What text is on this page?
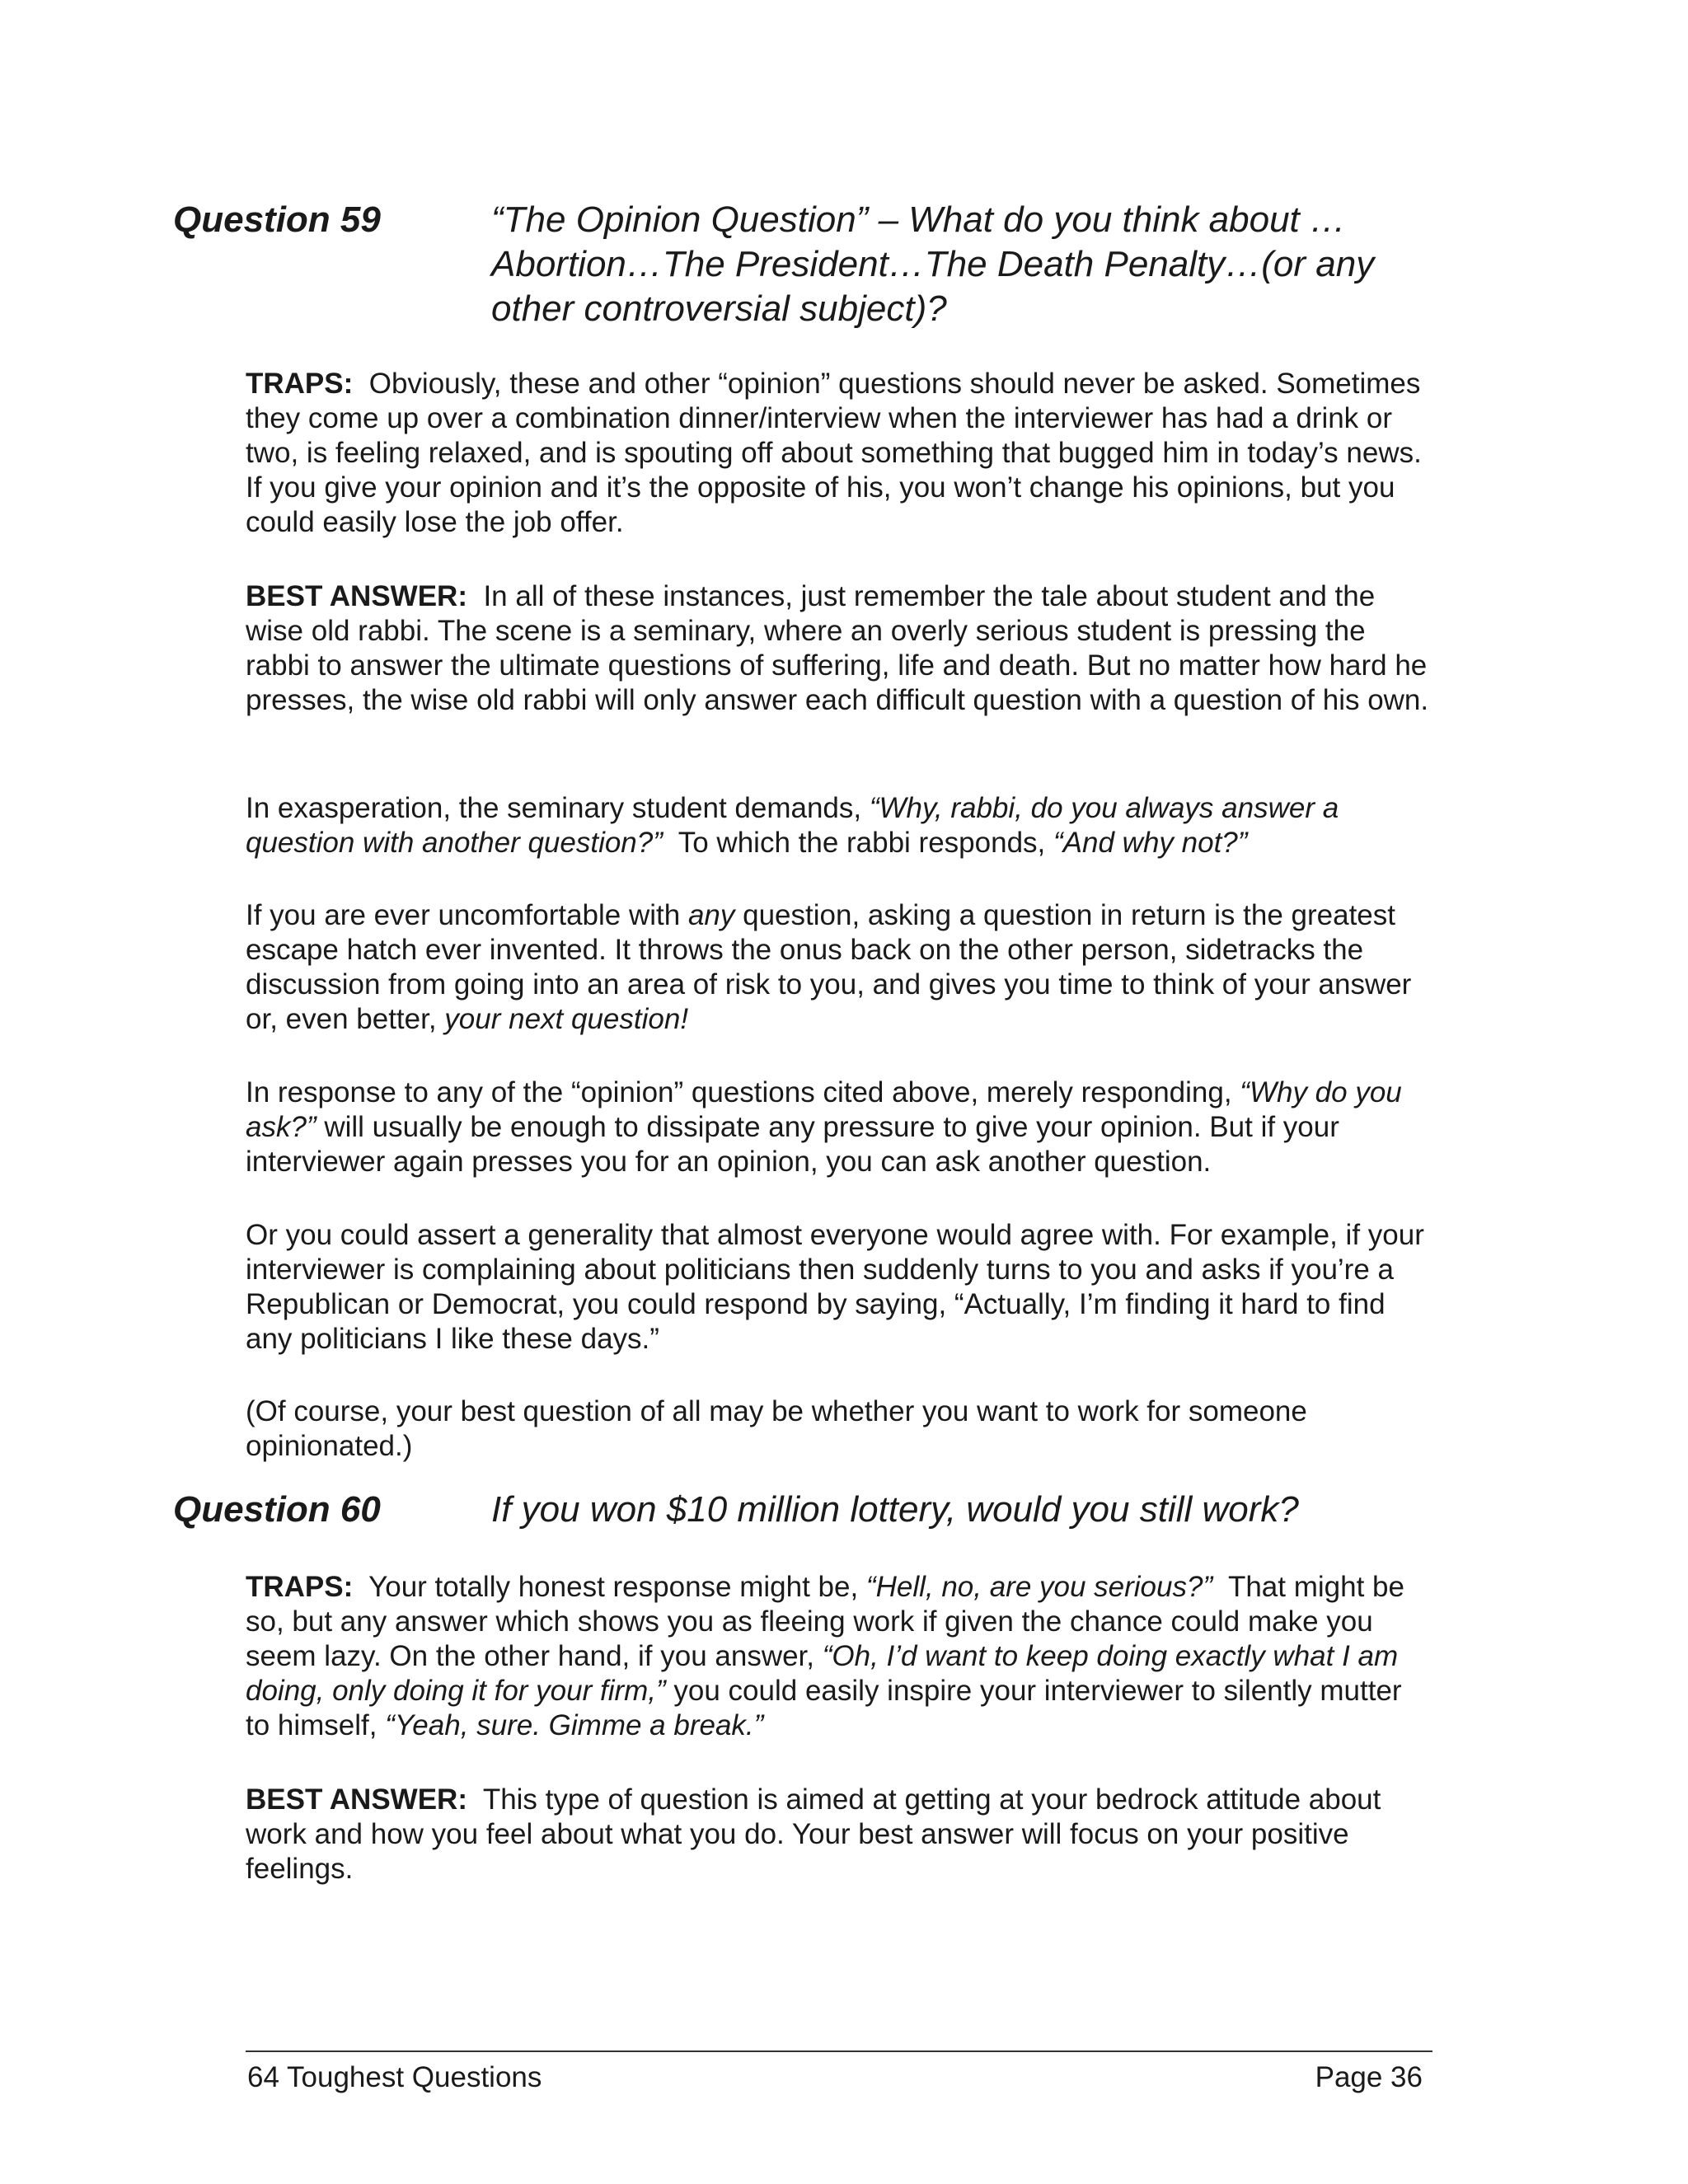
Question 59	“The Opinion Question” – What do you think about … Abortion…The President…The Death Penalty…(or any other controversial subject)?

TRAPS: Obviously, these and other “opinion” questions should never be asked. Sometimes they come up over a combination dinner/interview when the interviewer has had a drink or two, is feeling relaxed, and is spouting off about something that bugged him in today’s news. If you give your opinion and it’s the opposite of his, you won’t change his opinions, but you could easily lose the job offer.

BEST ANSWER: In all of these instances, just remember the tale about student and the wise old rabbi. The scene is a seminary, where an overly serious student is pressing the rabbi to answer the ultimate questions of suffering, life and death. But no matter how hard he presses, the wise old rabbi will only answer each difficult question with a question of his own.

In exasperation, the seminary student demands, “Why, rabbi, do you always answer a question with another question?” To which the rabbi responds, “And why not?”

If you are ever uncomfortable with any question, asking a question in return is the greatest escape hatch ever invented. It throws the onus back on the other person, sidetracks the discussion from going into an area of risk to you, and gives you time to think of your answer or, even better, your next question!

In response to any of the “opinion” questions cited above, merely responding, “Why do you ask?” will usually be enough to dissipate any pressure to give your opinion. But if your interviewer again presses you for an opinion, you can ask another question.

Or you could assert a generality that almost everyone would agree with. For example, if your interviewer is complaining about politicians then suddenly turns to you and asks if you’re a Republican or Democrat, you could respond by saying, “Actually, I’m finding it hard to find any politicians I like these days.”

(Of course, your best question of all may be whether you want to work for someone opinionated.)

Question 60	If you won $10 million lottery, would you still work?

TRAPS: Your totally honest response might be, “Hell, no, are you serious?” That might be so, but any answer which shows you as fleeing work if given the chance could make you seem lazy. On the other hand, if you answer, “Oh, I’d want to keep doing exactly what I am doing, only doing it for your firm,” you could easily inspire your interviewer to silently mutter to himself, “Yeah, sure. Gimme a break.”

BEST ANSWER: This type of question is aimed at getting at your bedrock attitude about work and how you feel about what you do. Your best answer will focus on your positive feelings.

64 Toughest Questions	Page 36
